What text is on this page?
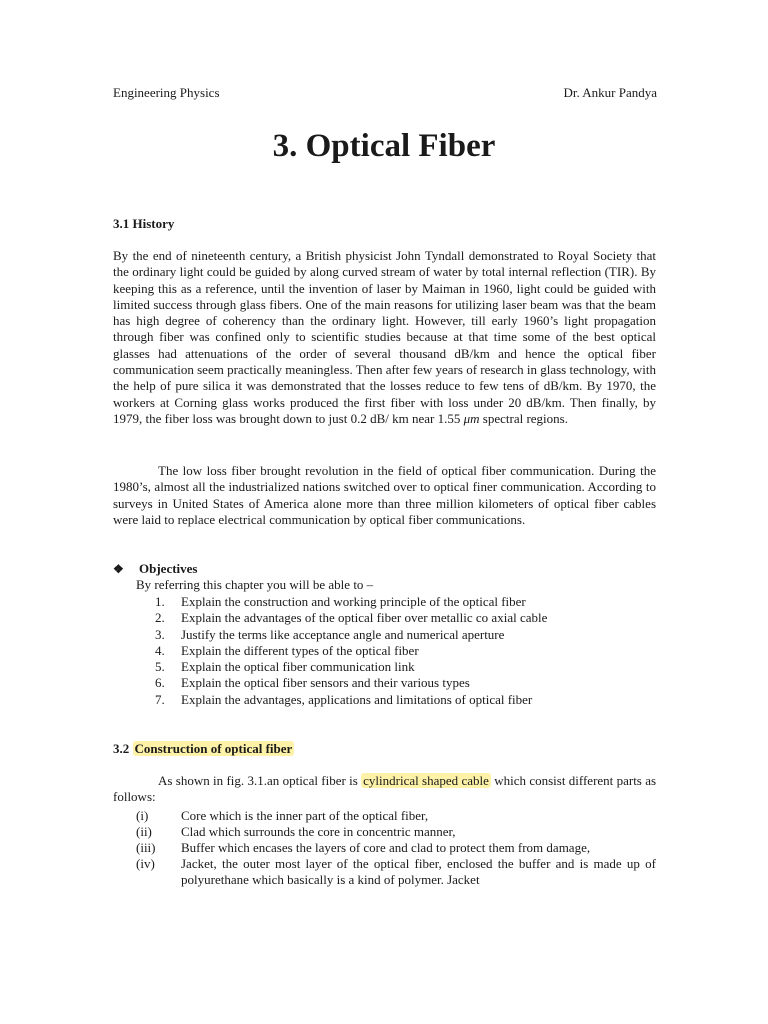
Engineering Physics	Dr. Ankur Pandya
3. Optical Fiber
3.1 History

By the end of nineteenth century, a British physicist John Tyndall demonstrated to Royal Society that the ordinary light could be guided by along curved stream of water by total internal reflection (TIR). By keeping this as a reference, until the invention of laser by Maiman in 1960, light could be guided with limited success through glass fibers. One of the main reasons for utilizing laser beam was that the beam has high degree of coherency than the ordinary light. However, till early 1960’s light propagation through fiber was confined only to scientific studies because at that time some of the best optical glasses had attenuations of the order of several thousand dB/km and hence the optical fiber communication seem practically meaningless. Then after few years of research in glass technology, with the help of pure silica it was demonstrated that the losses reduce to few tens of dB/km. By 1970, the workers at Corning glass works produced the first fiber with loss under 20 dB/km. Then finally, by 1979, the fiber loss was brought down to just 0.2 dB/ km near 1.55 μm spectral regions.

The low loss fiber brought revolution in the field of optical fiber communication. During the 1980’s, almost all the industrialized nations switched over to optical finer communication. According to surveys in United States of America alone more than three million kilometers of optical fiber cables were laid to replace electrical communication by optical fiber communications.

❖	Objectives
By referring this chapter you will be able to –
1.	Explain the construction and working principle of the optical fiber
2.	Explain the advantages of the optical fiber over metallic co axial cable
3.	Justify the terms like acceptance angle and numerical aperture
4.	Explain the different types of the optical fiber
5.	Explain the optical fiber communication link
6.	Explain the optical fiber sensors and their various types
7.	Explain the advantages, applications and limitations of optical fiber
3.2 Construction of optical fiber

As shown in fig. 3.1.an optical fiber is cylindrical shaped cable which consist different parts as follows:

(i)	Core which is the inner part of the optical fiber,
(ii)	Clad which surrounds the core in concentric manner,
(iii)	Buffer which encases the layers of core and clad to protect them from damage,
(iv)	Jacket, the outer most layer of the optical fiber, enclosed the buffer and is made up of polyurethane which basically is a kind of polymer. Jacket
